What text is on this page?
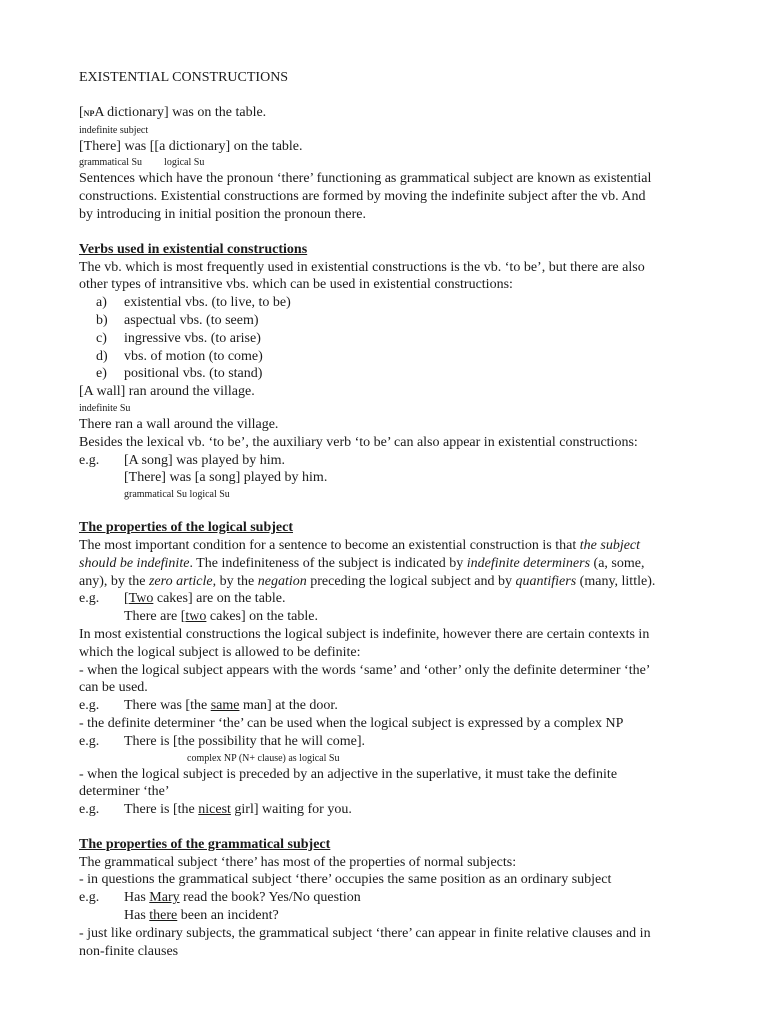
EXISTENTIAL CONSTRUCTIONS
[NPA dictionary] was on the table.
indefinite subject
[There] was [[a dictionary] on the table.
grammatical Su logical Su
Sentences which have the pronoun ‘there’ functioning as grammatical subject are known as existential
constructions. Existential constructions are formed by moving the indefinite subject after the vb. And
by introducing in initial position the pronoun there.
Verbs used in existential constructions
The vb. which is most frequently used in existential constructions is the vb. ‘to be’, but there are also
other types of intransitive vbs. which can be used in existential constructions:
a) existential vbs. (to live, to be)
b) aspectual vbs. (to seem)
c) ingressive vbs. (to arise)
d) vbs. of motion (to come)
e) positional vbs. (to stand)
[A wall] ran around the village.
indefinite Su
There ran a wall around the village.
Besides the lexical vb. ‘to be’, the auxiliary verb ‘to be’ can also appear in existential constructions:
e.g. [A song] was played by him.
[There] was [a song] played by him.
grammatical Su logical Su
The properties of the logical subject
The most important condition for a sentence to become an existential construction is that the subject
should be indefinite. The indefiniteness of the subject is indicated by indefinite determiners (a, some,
any), by the zero article, by the negation preceding the logical subject and by quantifiers (many, little).
e.g. [Two cakes] are on the table.
There are [two cakes] on the table.
In most existential constructions the logical subject is indefinite, however there are certain contexts in
which the logical subject is allowed to be definite:
- when the logical subject appears with the words ‘same’ and ‘other’ only the definite determiner ‘the’
can be used.
e.g. There was [the same man] at the door.
- the definite determiner ‘the’ can be used when the logical subject is expressed by a complex NP
e.g. There is [the possibility that he will come].
complex NP (N+ clause) as logical Su
- when the logical subject is preceded by an adjective in the superlative, it must take the definite
determiner ‘the’
e.g. There is [the nicest girl] waiting for you.
The properties of the grammatical subject
The grammatical subject ‘there’ has most of the properties of normal subjects:
- in questions the grammatical subject ‘there’ occupies the same position as an ordinary subject
e.g. Has Mary read the book? Yes/No question
Has there been an incident?
- just like ordinary subjects, the grammatical subject ‘there’ can appear in finite relative clauses and in
non-finite clauses
